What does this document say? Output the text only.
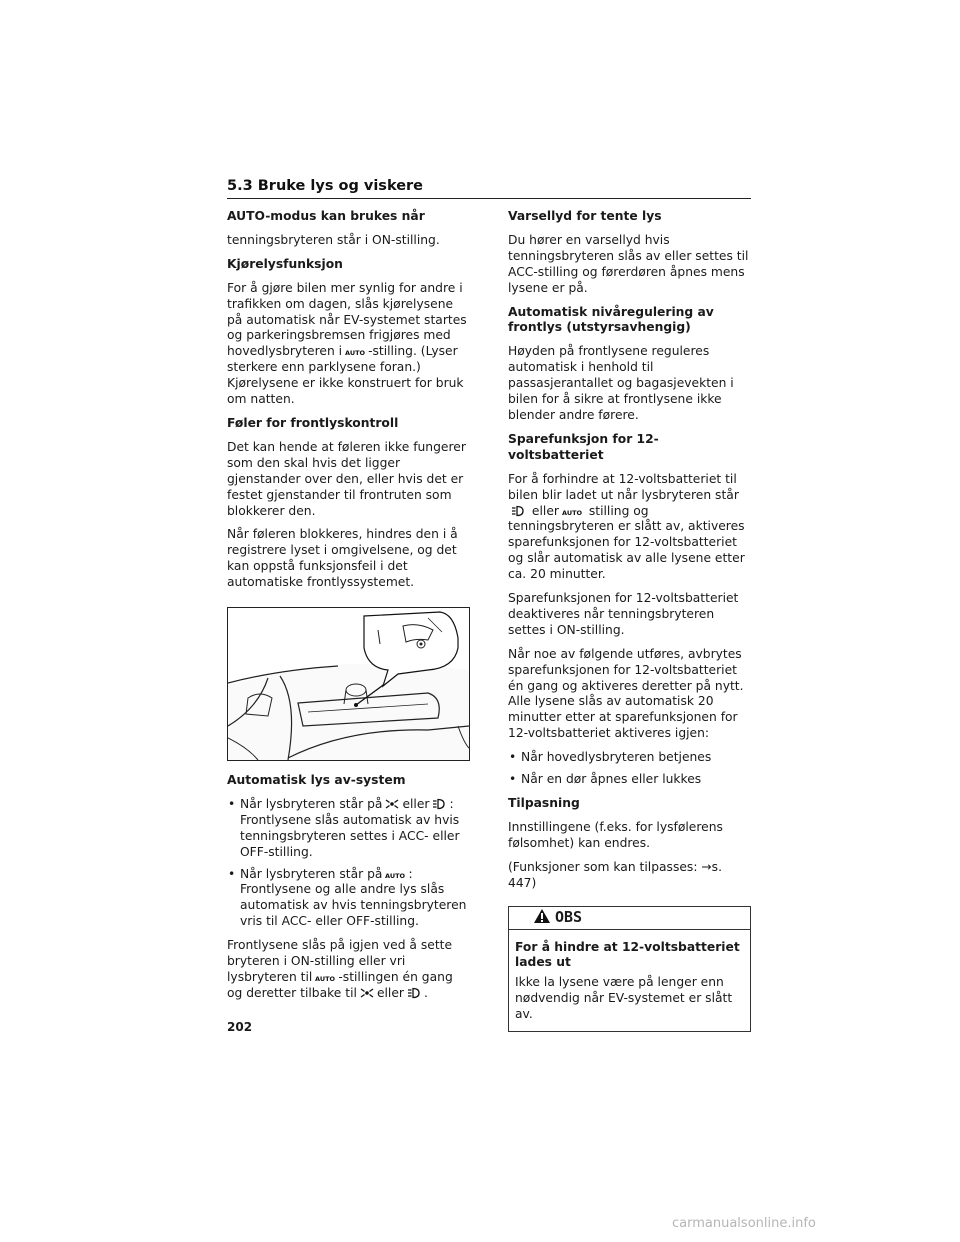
5.3 Bruke lys og viskere
AUTO-modus kan brukes når

tenningsbryteren står i ON-stilling.

Kjørelysfunksjon

For å gjøre bilen mer synlig for andre i trafikken om dagen, slås kjørelysene på automatisk når EV-systemet startes og parkeringsbremsen frigjøres med hovedlysbryteren i AUTO -stilling. (Lyser sterkere enn parklysene foran.) Kjørelysene er ikke konstruert for bruk om natten.

Føler for frontlyskontroll

Det kan hende at føleren ikke fungerer som den skal hvis det ligger gjenstander over den, eller hvis det er festet gjenstander til frontruten som blokkerer den.

Når føleren blokkeres, hindres den i å registrere lyset i omgivelsene, og det kan oppstå funksjonsfeil i det automatiske frontlyssystemet.

Automatisk lys av-system
• Når lysbryteren står på eller : Frontlysene slås automatisk av hvis tenningsbryteren settes i ACC- eller OFF-stilling.
• Når lysbryteren står på AUTO : Frontlysene og alle andre lys slås automatisk av hvis tenningsbryteren vris til ACC- eller OFF-stilling.

Frontlysene slås på igjen ved å sette bryteren i ON-stilling eller vri lysbryteren til AUTO -stillingen én gang og deretter tilbake til eller .

Varsellyd for tente lys

Du hører en varsellyd hvis tenningsbryteren slås av eller settes til ACC-stilling og førerdøren åpnes mens lysene er på.

Automatisk nivåregulering av frontlys (utstyrsavhengig)

Høyden på frontlysene reguleres automatisk i henhold til passasjerantallet og bagasjevekten i bilen for å sikre at frontlysene ikke blender andre førere.

Sparefunksjon for 12-voltsbatteriet

For å forhindre at 12-voltsbatteriet til bilen blir ladet ut når lysbryteren står

eller AUTO stilling og tenningsbryteren er slått av, aktiveres sparefunksjonen for 12-voltsbatteriet og slår automatisk av alle lysene etter ca. 20 minutter.

Sparefunksjonen for 12-voltsbatteriet deaktiveres når tenningsbryteren settes i ON-stilling.

Når noe av følgende utføres, avbrytes sparefunksjonen for 12-voltsbatteriet én gang og aktiveres deretter på nytt. Alle lysene slås av automatisk 20 minutter etter at sparefunksjonen for 12-voltsbatteriet aktiveres igjen:

• Når hovedlysbryteren betjenes
• Når en dør åpnes eller lukkes
Tilpasning

Innstillingene (f.eks. for lysfølerens følsomhet) kan endres.

(Funksjoner som kan tilpasses: →s. 447)

OBS
For å hindre at 12-voltsbatteriet lades ut

Ikke la lysene være på lenger enn nødvendig når EV-systemet er slått av.

202
carmanualsonline.info
